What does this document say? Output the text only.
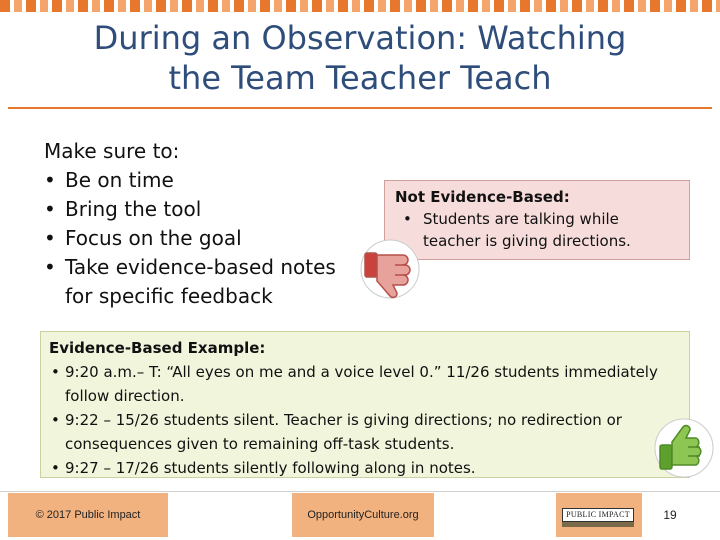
During an Observation: Watching
the Team Teacher Teach
Make sure to:
• Be on time
• Bring the tool
• Focus on the goal
• Take evidence-based notes for specific feedback
Not Evidence-Based:
• Students are talking while teacher is giving directions.
Evidence-Based Example:
• 9:20 a.m.– T: “All eyes on me and a voice level 0.” 11/26 students immediately follow direction.
• 9:22 – 15/26 students silent. Teacher is giving directions; no redirection or consequences given to remaining off-task students.
• 9:27 – 17/26 students silently following along in notes.
© 2017 Public Impact	OpportunityCulture.org	PUBLIC IMPACT	19
